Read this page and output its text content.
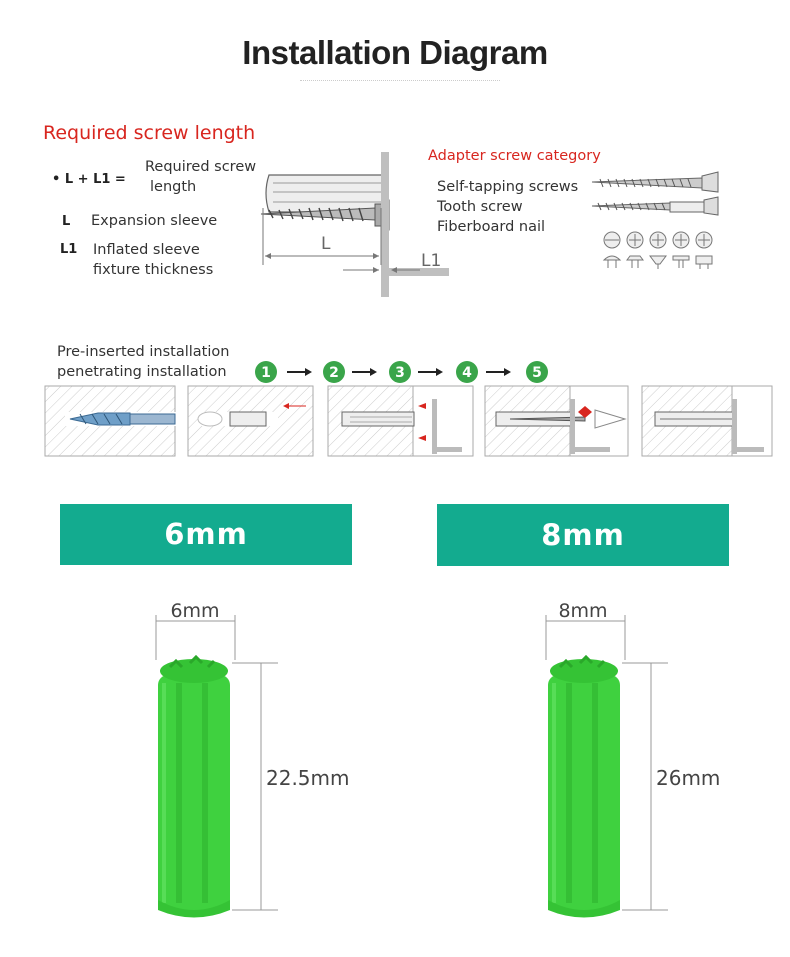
Installation Diagram
Required screw length
• L + L1 =
Required screw
length
L Expansion sleeve
L1 Inflated sleeve
fixture thickness
L
L1
Adapter screw category
Self-tapping screws
Tooth screw
Fiberboard nail
Pre-inserted installation
penetrating installation 1	2	3	4	5
6mm	8mm
6mm
22.5mm
8mm
26mm
